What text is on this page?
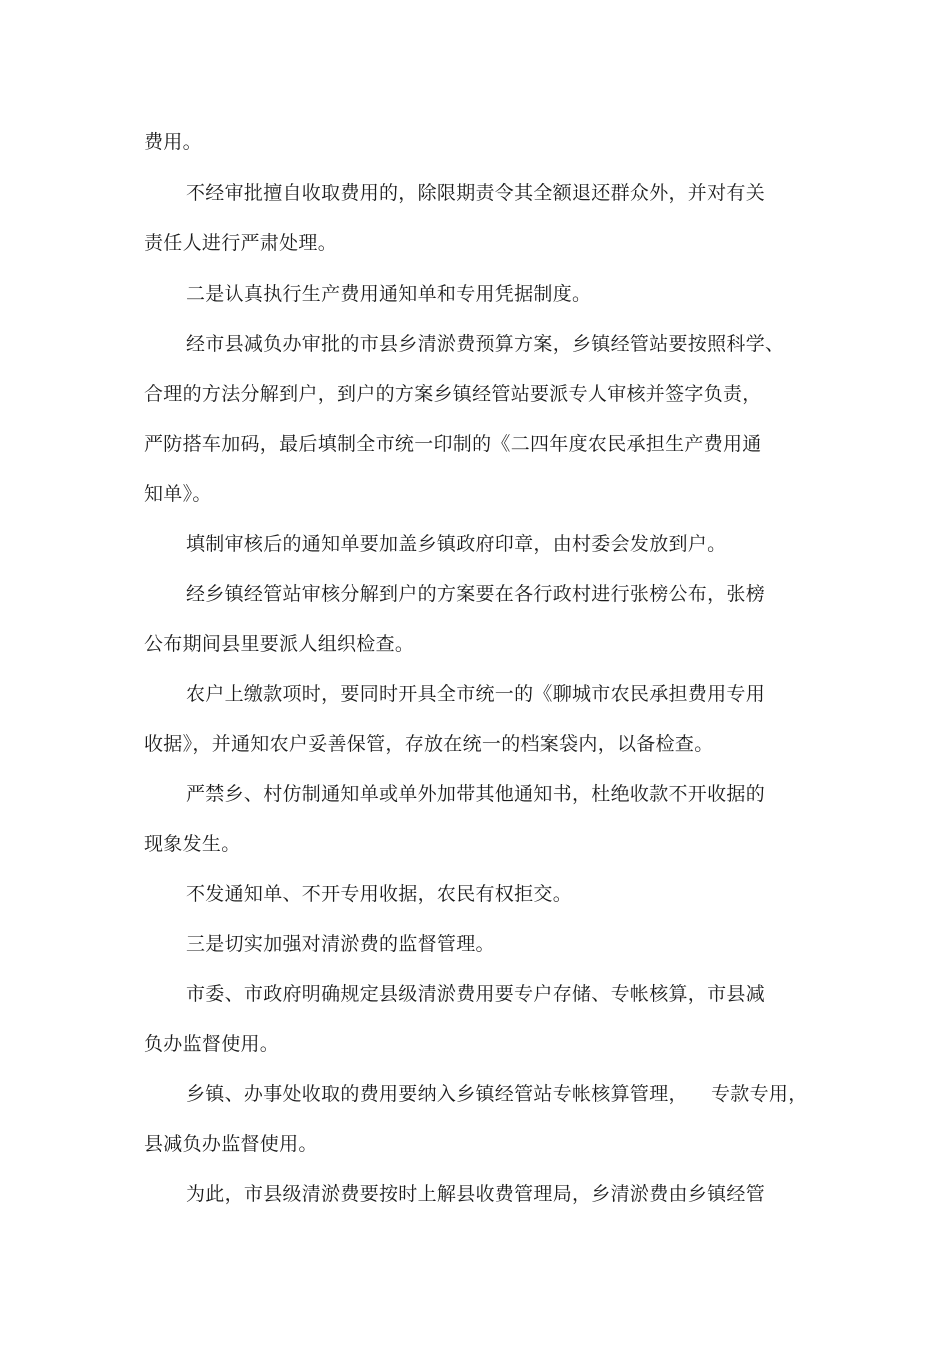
费用。
不经审批擅自收取费用的，除限期责令其全额退还群众外，并对有关
责任人进行严肃处理。
二是认真执行生产费用通知单和专用凭据制度。
经市县减负办审批的市县乡清淤费预算方案，乡镇经管站要按照科学、
合理的方法分解到户，到户的方案乡镇经管站要派专人审核并签字负责，
严防搭车加码，最后填制全市统一印制的《二四年度农民承担生产费用通
知单》。
填制审核后的通知单要加盖乡镇政府印章，由村委会发放到户。
经乡镇经管站审核分解到户的方案要在各行政村进行张榜公布，张榜
公布期间县里要派人组织检查。
农户上缴款项时，要同时开具全市统一的《聊城市农民承担费用专用
收据》，并通知农户妥善保管，存放在统一的档案袋内，以备检查。
严禁乡、村仿制通知单或单外加带其他通知书，杜绝收款不开收据的
现象发生。
不发通知单、不开专用收据，农民有权拒交。
三是切实加强对清淤费的监督管理。
市委、市政府明确规定县级清淤费用要专户存储、专帐核算，市县减
负办监督使用。
乡镇、办事处收取的费用要纳入乡镇经管站专帐核算管理， 专款专用，
县减负办监督使用。
为此，市县级清淤费要按时上解县收费管理局，乡清淤费由乡镇经管
